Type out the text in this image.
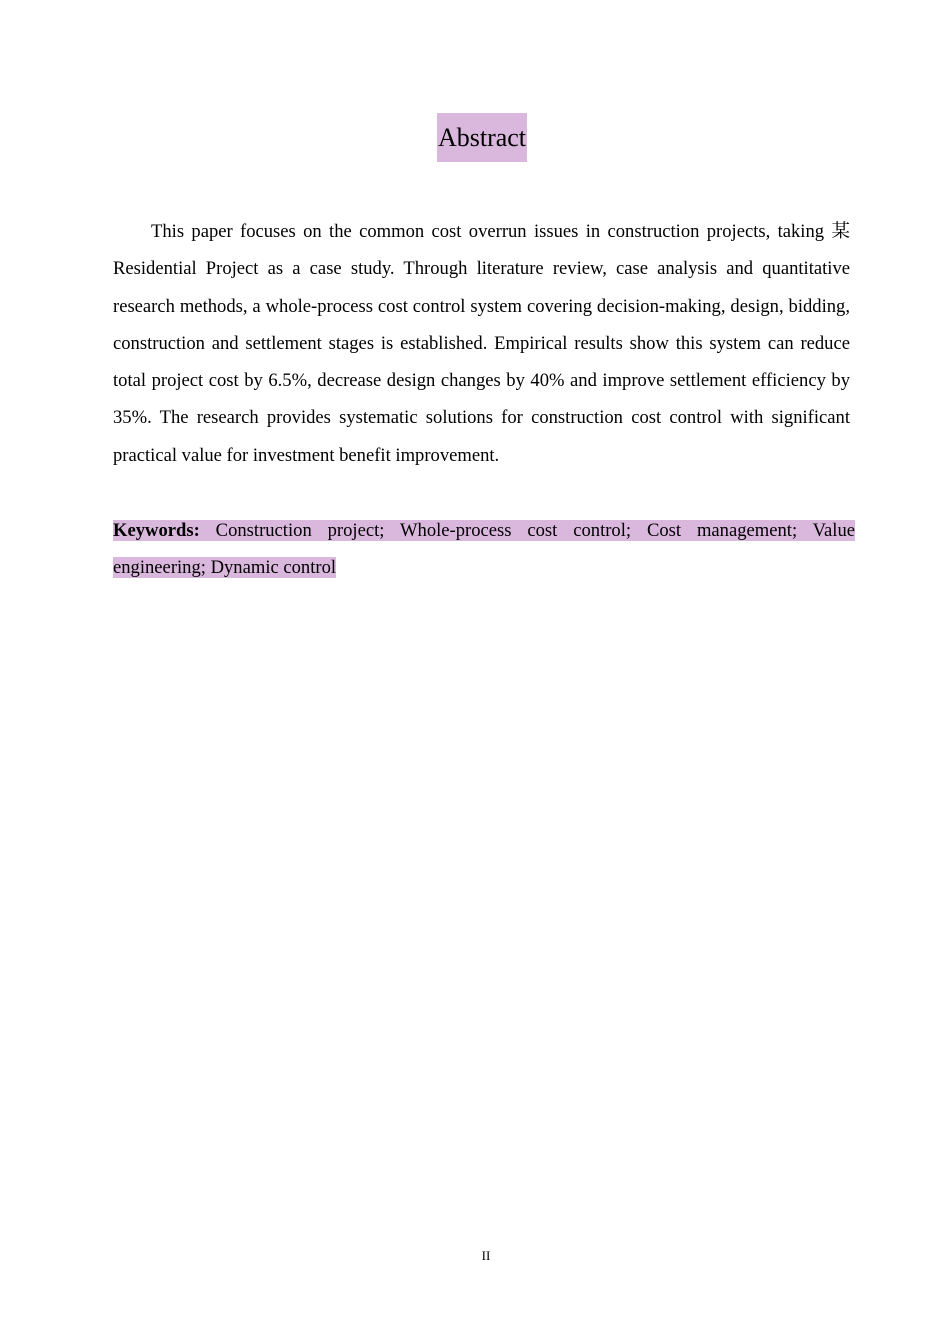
Abstract

This paper focuses on the common cost overrun issues in construction projects, taking 某 Residential Project as a case study. Through literature review, case analysis and quantitative research methods, a whole-process cost control system covering decision-making, design, bidding, construction and settlement stages is established. Empirical results show this system can reduce total project cost by 6.5%, decrease design changes by 40% and improve settlement efficiency by 35%. The research provides systematic solutions for construction cost control with significant practical value for investment benefit improvement.

Keywords: Construction project; Whole-process cost control; Cost management; Value engineering; Dynamic control

II
